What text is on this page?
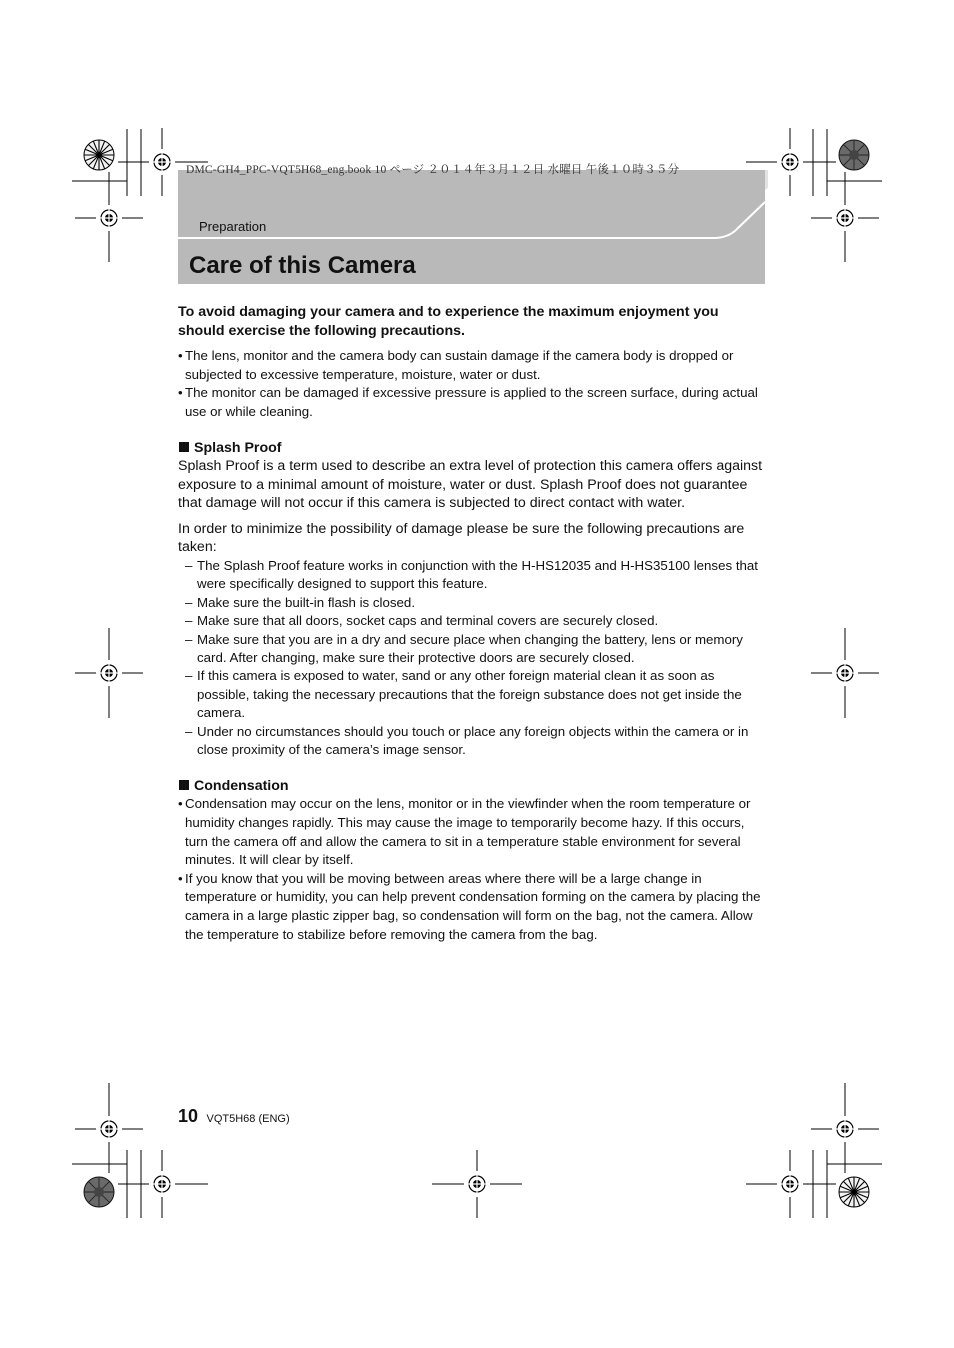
DMC-GH4_PPC-VQT5H68_eng.book 10 ページ ２０１４年３月１２日 水曜日 午後１０時３５分
Preparation
Care of this Camera

To avoid damaging your camera and to experience the maximum enjoyment you should exercise the following precautions.

• The lens, monitor and the camera body can sustain damage if the camera body is dropped or subjected to excessive temperature, moisture, water or dust.
• The monitor can be damaged if excessive pressure is applied to the screen surface, during actual use or while cleaning.
Splash Proof

Splash Proof is a term used to describe an extra level of protection this camera offers against exposure to a minimal amount of moisture, water or dust. Splash Proof does not guarantee that damage will not occur if this camera is subjected to direct contact with water.

In order to minimize the possibility of damage please be sure the following precautions are taken:

– The Splash Proof feature works in conjunction with the H-HS12035 and H-HS35100 lenses that were specifically designed to support this feature.
– Make sure the built-in flash is closed.
– Make sure that all doors, socket caps and terminal covers are securely closed.
– Make sure that you are in a dry and secure place when changing the battery, lens or memory card. After changing, make sure their protective doors are securely closed.
– If this camera is exposed to water, sand or any other foreign material clean it as soon as possible, taking the necessary precautions that the foreign substance does not get inside the camera.
– Under no circumstances should you touch or place any foreign objects within the camera or in close proximity of the camera’s image sensor.
Condensation
• Condensation may occur on the lens, monitor or in the viewfinder when the room temperature or humidity changes rapidly. This may cause the image to temporarily become hazy. If this occurs, turn the camera off and allow the camera to sit in a temperature stable environment for several minutes. It will clear by itself.
• If you know that you will be moving between areas where there will be a large change in temperature or humidity, you can help prevent condensation forming on the camera by placing the camera in a large plastic zipper bag, so condensation will form on the bag, not the camera. Allow the temperature to stabilize before removing the camera from the bag.
10 VQT5H68 (ENG)
